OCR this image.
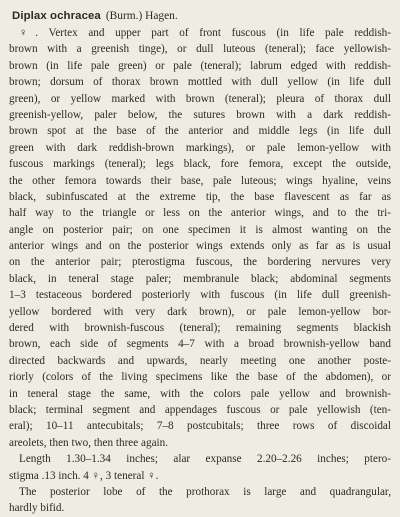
Diplax ochracea (Burm.) Hagen.
♀. Vertex and upper part of front fuscous (in life pale reddish-
brown with a greenish tinge), or dull luteous (teneral); face yellowish-
brown (in life pale green) or pale (teneral); labrum edged with reddish-
brown; dorsum of thorax brown mottled with dull yellow (in life dull
green), or yellow marked with brown (teneral); pleura of thorax dull
greenish-yellow, paler below, the sutures brown with a dark reddish-
brown spot at the base of the anterior and middle legs (in life dull
green with dark reddish-brown markings), or pale lemon-yellow with
fuscous markings (teneral); legs black, fore femora, except the outside,
the other femora towards their base, pale luteous; wings hyaline, veins
black, subinfuscated at the extreme tip, the base flavescent as far as
half way to the triangle or less on the anterior wings, and to the tri-
angle on posterior pair; on one specimen it is almost wanting on the
anterior wings and on the posterior wings extends only as far as is usual
on the anterior pair; pterostigma fuscous, the bordering nervures very
black, in teneral stage paler; membranule black; abdominal segments
1–3 testaceous bordered posteriorly with fuscous (in life dull greenish-
yellow bordered with very dark brown), or pale lemon-yellow bor-
dered with brownish-fuscous (teneral); remaining segments blackish
brown, each side of segments 4–7 with a broad brownish-yellow band
directed backwards and upwards, nearly meeting one another poste-
riorly (colors of the living specimens like the base of the abdomen), or
in teneral stage the same, with the colors pale yellow and brownish-
black; terminal segment and appendages fuscous or pale yellowish (ten-
eral); 10–11 antecubitals; 7–8 postcubitals; three rows of discoidal
areolets, then two, then three again.
Length 1.30–1.34 inches; alar expanse 2.20–2.26 inches; ptero-
stigma .13 inch. 4 ♀, 3 teneral ♀.
The posterior lobe of the prothorax is large and quadrangular,
hardly bifid.
